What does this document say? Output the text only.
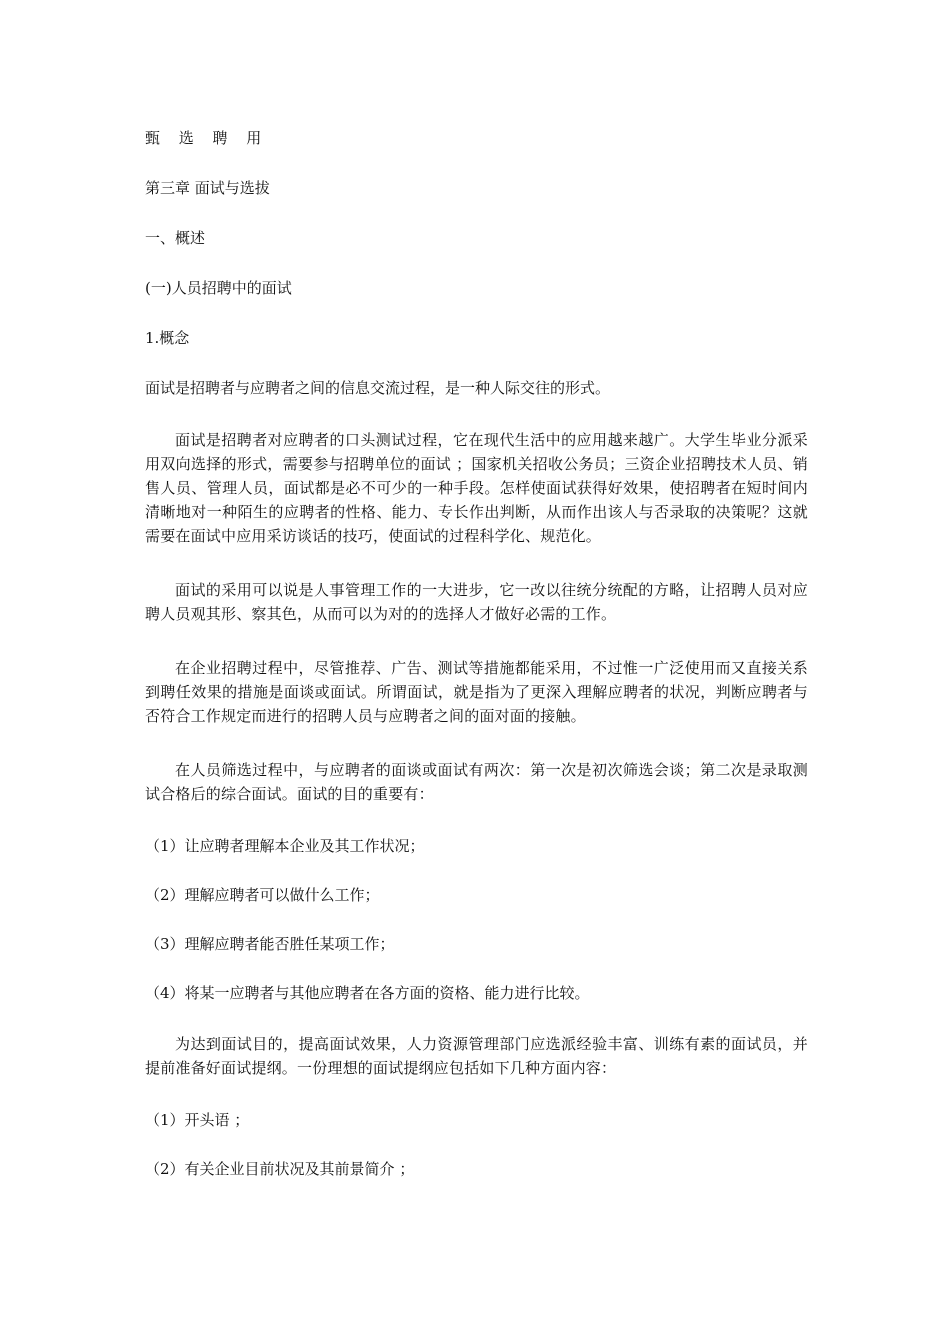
甄 选 聘 用

第三章 面试与选拔

一、概述

(一)人员招聘中的面试

1.概念

面试是招聘者与应聘者之间的信息交流过程，是一种人际交往的形式。

面试是招聘者对应聘者的口头测试过程，它在现代生活中的应用越来越广。大学生毕业分派采用双向选择的形式，需要参与招聘单位的面试 ；国家机关招收公务员；三资企业招聘技术人员、销售人员、管理人员，面试都是必不可少的一种手段。怎样使面试获得好效果，使招聘者在短时间内清晰地对一种陌生的应聘者的性格、能力、专长作出判断，从而作出该人与否录取的决策呢？这就需要在面试中应用采访谈话的技巧，使面试的过程科学化、规范化。

面试的采用可以说是人事管理工作的一大进步，它一改以往统分统配的方略，让招聘人员对应聘人员观其形、察其色，从而可以为对的的选择人才做好必需的工作。

在企业招聘过程中，尽管推荐、广告、测试等措施都能采用，不过惟一广泛使用而又直接关系到聘任效果的措施是面谈或面试。所谓面试，就是指为了更深入理解应聘者的状况，判断应聘者与否符合工作规定而进行的招聘人员与应聘者之间的面对面的接触。

在人员筛选过程中，与应聘者的面谈或面试有两次：第一次是初次筛选会谈；第二次是录取测试合格后的综合面试。面试的目的重要有：

（1）让应聘者理解本企业及其工作状况；

（2）理解应聘者可以做什么工作；

（3）理解应聘者能否胜任某项工作；

（4）将某一应聘者与其他应聘者在各方面的资格、能力进行比较。

为达到面试目的，提高面试效果，人力资源管理部门应选派经验丰富、训练有素的面试员，并提前准备好面试提纲。一份理想的面试提纲应包括如下几种方面内容：

（1）开头语 ；

（2）有关企业目前状况及其前景简介 ；
